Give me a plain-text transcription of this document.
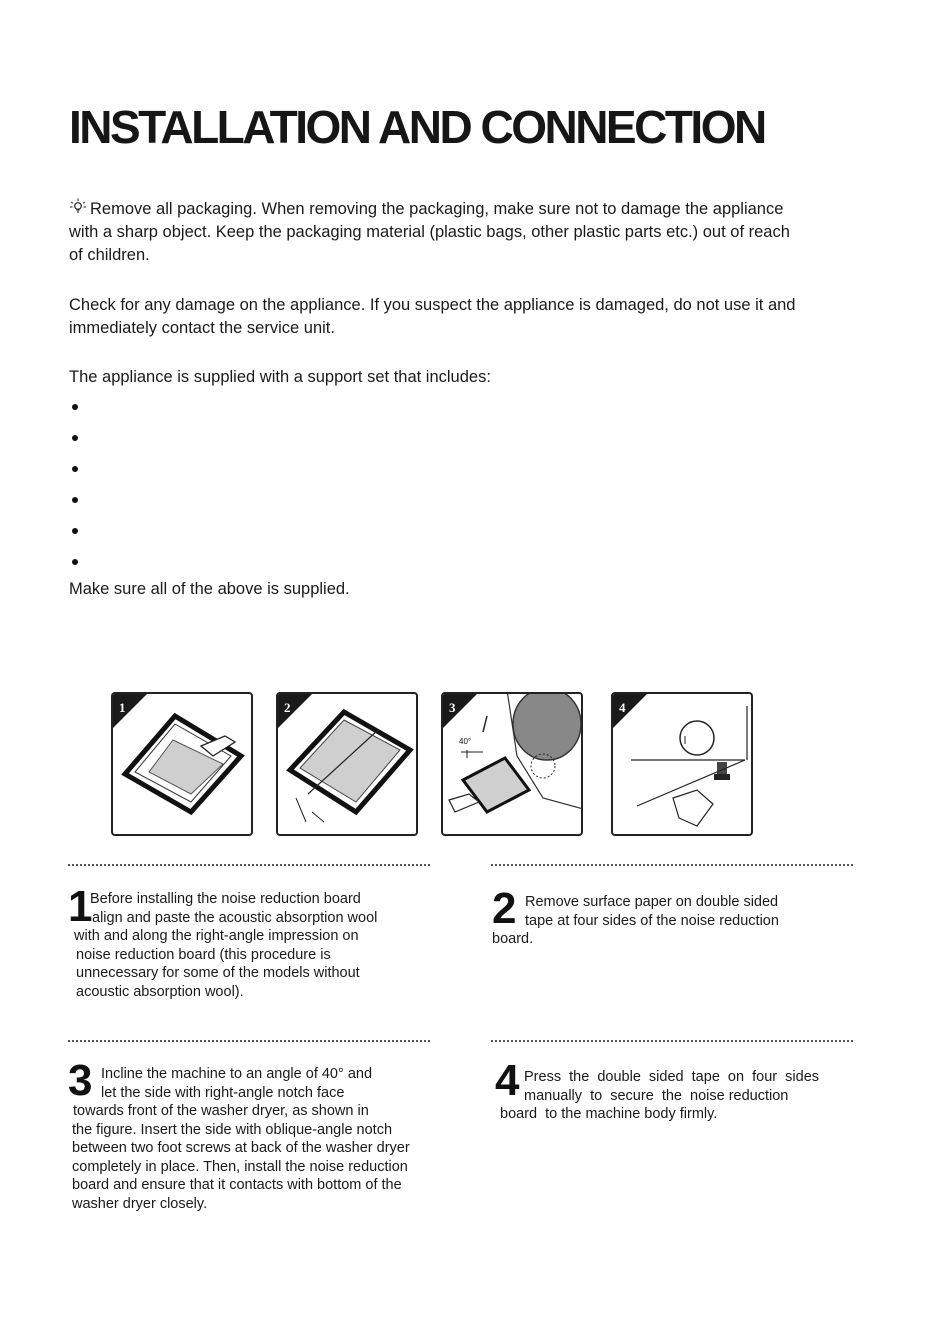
INSTALLATION AND CONNECTION
Remove all packaging. When removing the packaging, make sure not to damage the appliance
with a sharp object. Keep the packaging material (plastic bags, other plastic parts etc.) out of reach
of children.
Check for any damage on the appliance. If you suspect the appliance is damaged, do not use it and
immediately contact the service unit.
The appliance is supplied with a support set that includes:
Make sure all of the above is supplied.
1	2	3
40°
4
1
Before installing the noise reduction board
align and paste the acoustic absorption wool
with and along the right-angle impression on
noise reduction board (this procedure is
unnecessary for some of the models without
acoustic absorption wool).
2 Remove surface paper on double sided
tape at four sides of the noise reduction
board.
3 Incline the machine to an angle of 40° and
let the side with right-angle notch face
towards front of the washer dryer, as shown in
the figure. Insert the side with oblique-angle notch
between two foot screws at back of the washer dryer
completely in place. Then, install the noise reduction
board and ensure that it contacts with bottom of the
washer dryer closely.
4 Press  the  double  sided  tape  on  four  sides
manually  to  secure  the  noise reduction
board  to the machine body firmly.
